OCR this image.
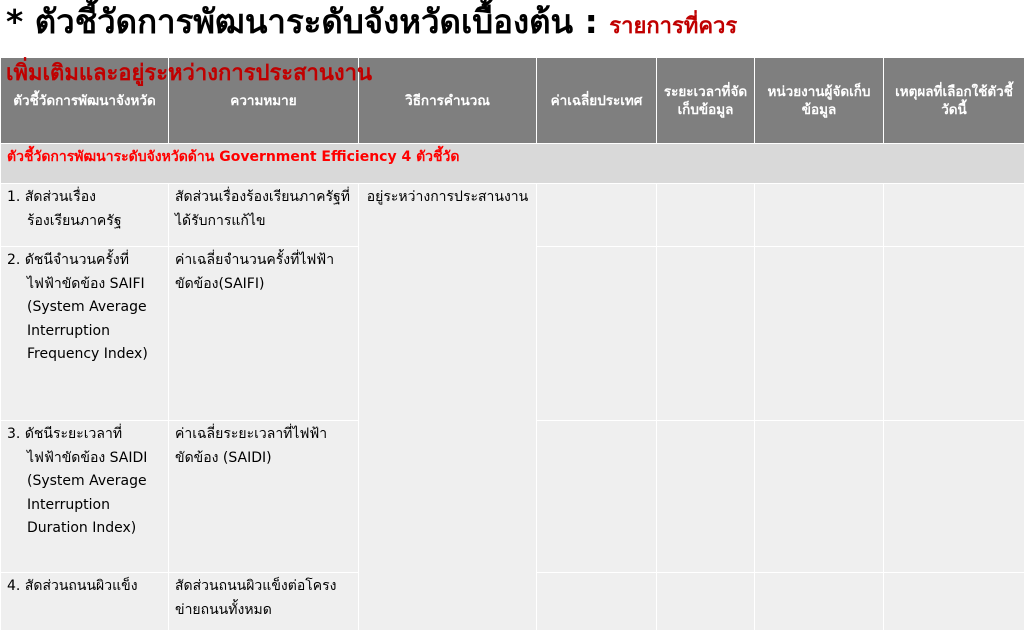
* ตัวชี้วัดการพัฒนาระดับจังหวัดเบื้องต้น : รายการที่ควร
เพิ่มเติมและอยู่ระหว่างการประสานงาน
ตัวชี้วัดการพัฒนาจังหวัด	ความหมาย	วิธีการคำนวณ	ค่าเฉลี่ยประเทศ	ระยะเวลาที่จัดเก็บข้อมูล	หน่วยงานผู้จัดเก็บข้อมูล	เหตุผลที่เลือกใช้ตัวชี้วัดนี้
ตัวชี้วัดการพัฒนาระดับจังหวัดด้าน Government Efficiency 4 ตัวชี้วัด						
1. สัดส่วนเรื่อง
ร้องเรียนภาครัฐ	สัดส่วนเรื่องร้องเรียนภาครัฐที่ได้รับการแก้ไข	อยู่ระหว่างการประสานงาน				
2. ดัชนีจำนวนครั้งที่
ไฟฟ้าขัดข้อง SAIFI (System Average Interruption Frequency Index)	ค่าเฉลี่ยจำนวนครั้งที่ไฟฟ้าขัดข้อง(SAIFI)					
3. ดัชนีระยะเวลาที่
ไฟฟ้าขัดข้อง SAIDI (System Average Interruption Duration Index)	ค่าเฉลี่ยระยะเวลาที่ไฟฟ้าขัดข้อง (SAIDI)					
4. สัดส่วนถนนผิวแข็ง	สัดส่วนถนนผิวแข็งต่อโครงข่ายถนนทั้งหมด					
